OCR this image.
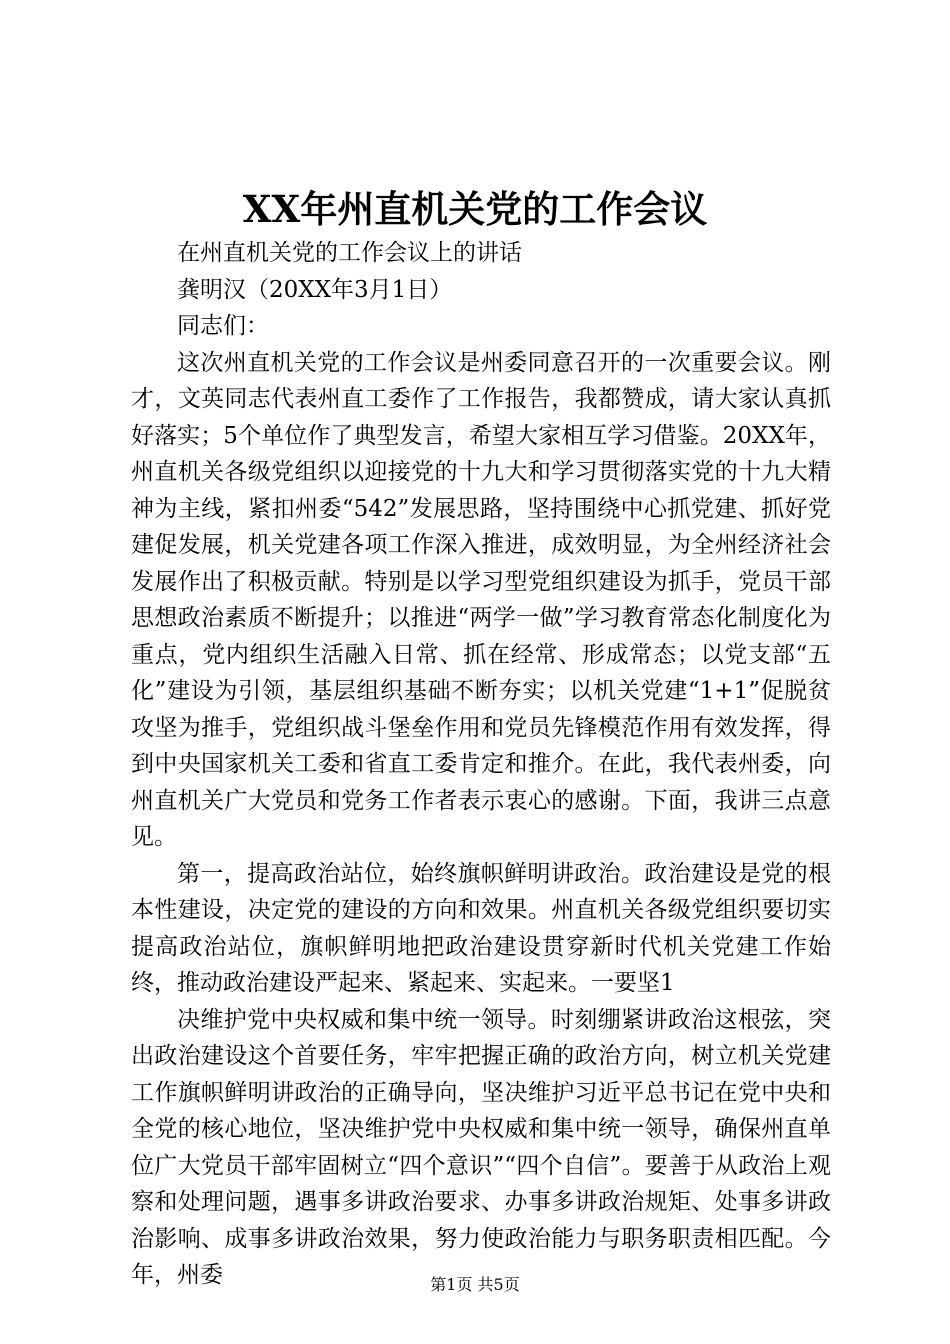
XX年州直机关党的工作会议

在州直机关党的工作会议上的讲话

龚明汉（20XX年3月1日）

同志们：

这次州直机关党的工作会议是州委同意召开的一次重要会议。刚才，文英同志代表州直工委作了工作报告，我都赞成，请大家认真抓好落实；5个单位作了典型发言，希望大家相互学习借鉴。20XX年，州直机关各级党组织以迎接党的十九大和学习贯彻落实党的十九大精神为主线，紧扣州委“542”发展思路，坚持围绕中心抓党建、抓好党建促发展，机关党建各项工作深入推进，成效明显，为全州经济社会发展作出了积极贡献。特别是以学习型党组织建设为抓手，党员干部思想政治素质不断提升；以推进“两学一做”学习教育常态化制度化为重点，党内组织生活融入日常、抓在经常、形成常态；以党支部“五化”建设为引领，基层组织基础不断夯实；以机关党建“1+1”促脱贫攻坚为推手，党组织战斗堡垒作用和党员先锋模范作用有效发挥，得到中央国家机关工委和省直工委肯定和推介。在此，我代表州委，向州直机关广大党员和党务工作者表示衷心的感谢。下面，我讲三点意见。

第一，提高政治站位，始终旗帜鲜明讲政治。政治建设是党的根本性建设，决定党的建设的方向和效果。州直机关各级党组织要切实提高政治站位，旗帜鲜明地把政治建设贯穿新时代机关党建工作始终，推动政治建设严起来、紧起来、实起来。一要坚1

决维护党中央权威和集中统一领导。时刻绷紧讲政治这根弦，突出政治建设这个首要任务，牢牢把握正确的政治方向，树立机关党建工作旗帜鲜明讲政治的正确导向，坚决维护习近平总书记在党中央和全党的核心地位，坚决维护党中央权威和集中统一领导，确保州直单位广大党员干部牢固树立“四个意识”“四个自信”。要善于从政治上观察和处理问题，遇事多讲政治要求、办事多讲政治规矩、处事多讲政治影响、成事多讲政治效果，努力使政治能力与职务职责相匹配。今年，州委	第1页 共5页
